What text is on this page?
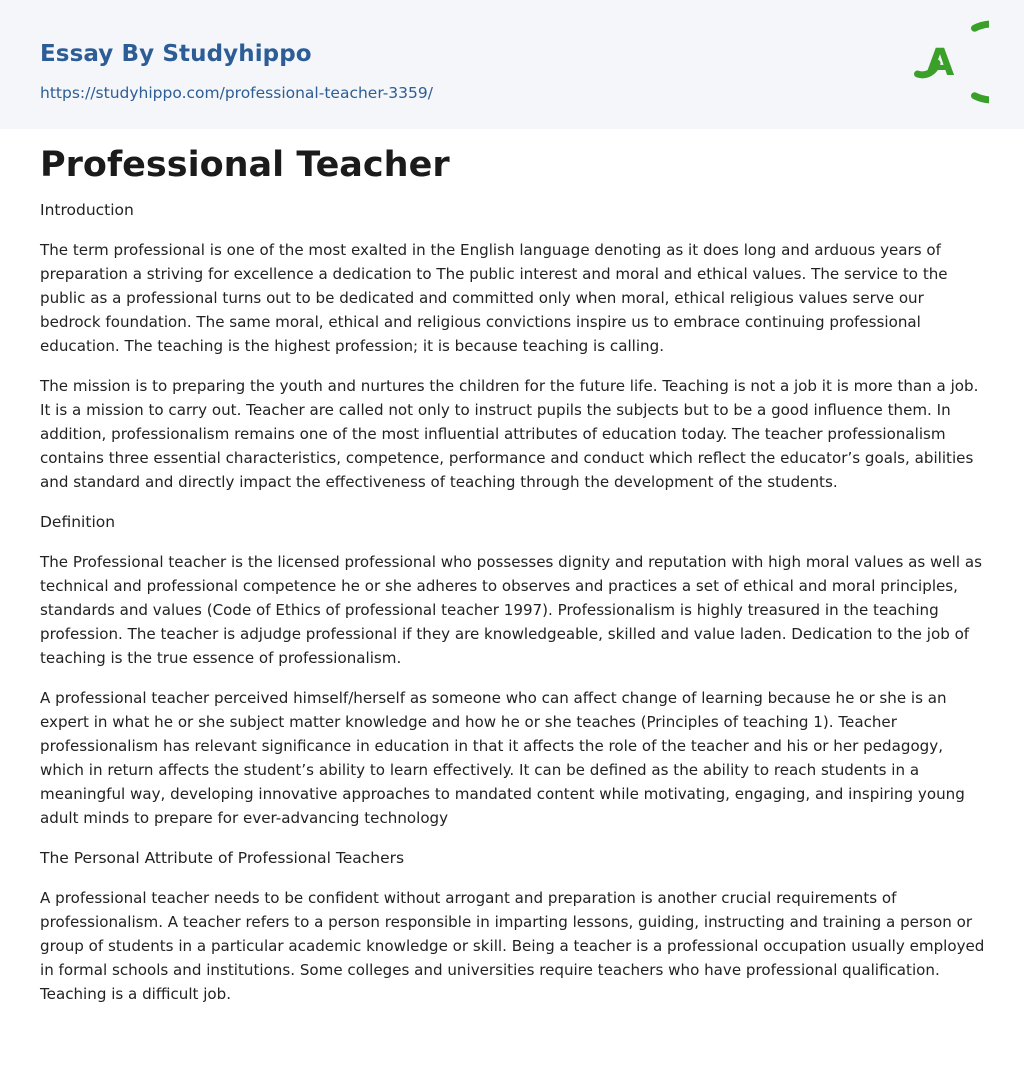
Essay By Studyhippo
https://studyhippo.com/professional-teacher-3359/
A
Professional Teacher
Introduction

The term professional is one of the most exalted in the English language denoting as it does long and arduous years of preparation a striving for excellence a dedication to The public interest and moral and ethical values. The service to the public as a professional turns out to be dedicated and committed only when moral, ethical religious values serve our bedrock foundation. The same moral, ethical and religious convictions inspire us to embrace continuing professional education. The teaching is the highest profession; it is because teaching is calling.

The mission is to preparing the youth and nurtures the children for the future life. Teaching is not a job it is more than a job. It is a mission to carry out. Teacher are called not only to instruct pupils the subjects but to be a good influence them. In addition, professionalism remains one of the most influential attributes of education today. The teacher professionalism contains three essential characteristics, competence, performance and conduct which reflect the educator’s goals, abilities and standard and directly impact the effectiveness of teaching through the development of the students.

Definition

The Professional teacher is the licensed professional who possesses dignity and reputation with high moral values as well as technical and professional competence he or she adheres to observes and practices a set of ethical and moral principles, standards and values (Code of Ethics of professional teacher 1997). Professionalism is highly treasured in the teaching profession. The teacher is adjudge professional if they are knowledgeable, skilled and value laden. Dedication to the job of teaching is the true essence of professionalism.

A professional teacher perceived himself/herself as someone who can affect change of learning because he or she is an expert in what he or she subject matter knowledge and how he or she teaches (Principles of teaching 1). Teacher professionalism has relevant significance in education in that it affects the role of the teacher and his or her pedagogy, which in return affects the student’s ability to learn effectively. It can be defined as the ability to reach students in a meaningful way, developing innovative approaches to mandated content while motivating, engaging, and inspiring young adult minds to prepare for ever-advancing technology

The Personal Attribute of Professional Teachers

A professional teacher needs to be confident without arrogant and preparation is another crucial requirements of professionalism. A teacher refers to a person responsible in imparting lessons, guiding, instructing and training a person or group of students in a particular academic knowledge or skill. Being a teacher is a professional occupation usually employed in formal schools and institutions. Some colleges and universities require teachers who have professional qualification. Teaching is a difficult job.
